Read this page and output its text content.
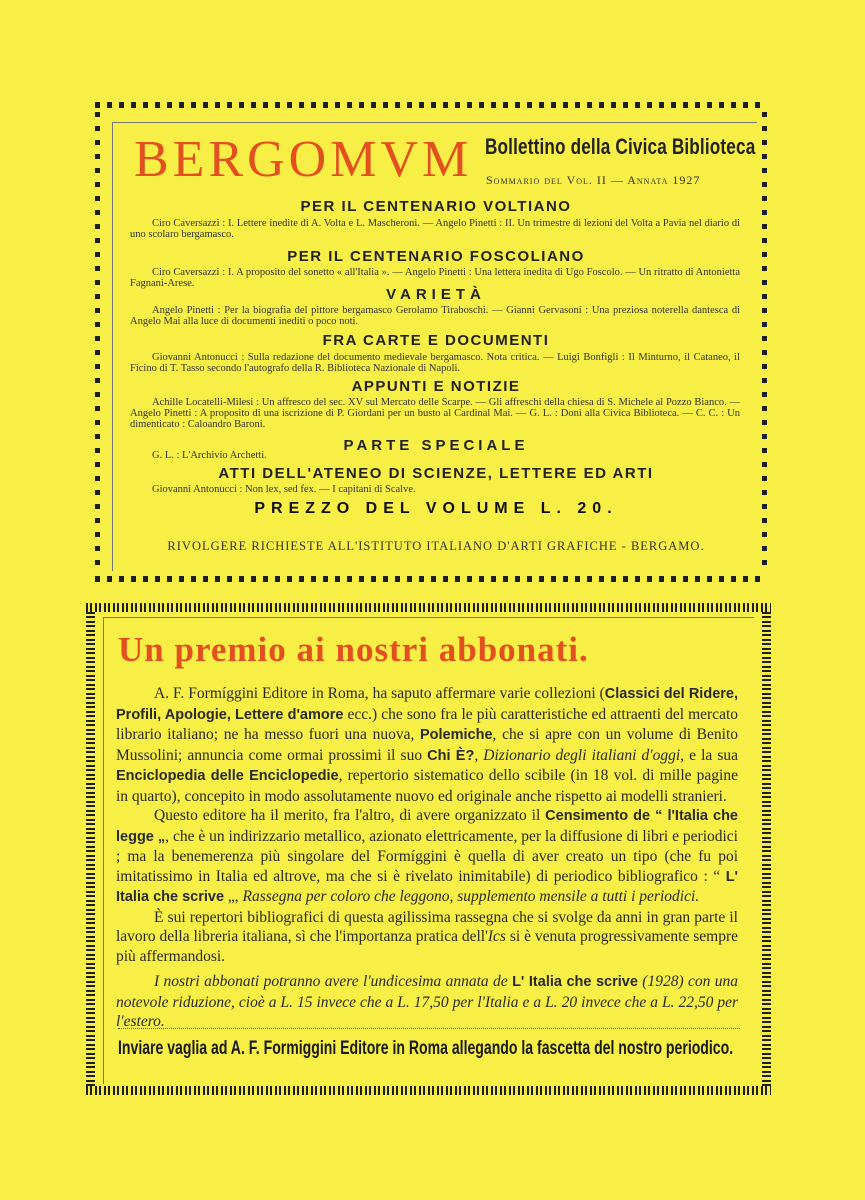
BERGOMVM Bollettino della Civica Biblioteca
Sommario del Vol. II — Annata 1927
PER IL CENTENARIO VOLTIANO
Ciro Caversazzi : I. Lettere inedite di A. Volta e L. Mascheroni. — Angelo Pinetti : II. Un trimestre di lezioni del Volta a Pavia nel diario di uno scolaro bergamasco.
PER IL CENTENARIO FOSCOLIANO
Ciro Caversazzi : I. A proposito del sonetto « all'Italia ». — Angelo Pinetti : Una lettera inedita di Ugo Foscolo. — Un ritratto di Antonietta Fagnani-Arese.
VARIETÀ
Angelo Pinetti : Per la biografia del pittore bergamasco Gerolamo Tiraboschi. — Gianni Gervasoni : Una preziosa noterella dantesca di Angelo Mai alla luce di documenti inediti o poco noti.
FRA CARTE E DOCUMENTI
Giovanni Antonucci : Sulla redazione del documento medievale bergamasco. Nota critica. — Luigi Bonfigli : Il Minturno, il Cataneo, il Ficino di T. Tasso secondo l'autografo della R. Biblioteca Nazionale di Napoli.
APPUNTI E NOTIZIE
Achille Locatelli-Milesi : Un affresco del sec. XV sul Mercato delle Scarpe. — Gli affreschi della chiesa di S. Michele al Pozzo Bianco. — Angelo Pinetti : A proposito di una iscrizione di P. Giordani per un busto al Cardinal Mai. — G. L. : Doni alla Civica Biblioteca. — C. C. : Un dimenticato : Caloandro Baroni.
PARTE SPECIALE
G. L. : L'Archivio Archetti.
ATTI DELL'ATENEO DI SCIENZE, LETTERE ED ARTI
Giovanni Antonucci : Non lex, sed fex. — I capitani di Scalve.
PREZZO DEL VOLUME L. 20.
RIVOLGERE RICHIESTE ALL'ISTITUTO ITALIANO D'ARTI GRAFICHE - BERGAMO.
Un premio ai nostri abbonati.

A. F. Formíggini Editore in Roma, ha saputo affermare varie collezioni (Classici del Ridere, Profili, Apologie, Lettere d'amore ecc.) che sono fra le più caratteristiche ed attraenti del mercato librario italiano; ne ha messo fuori una nuova, Polemiche, che si apre con un volume di Benito Mussolini; annuncia come ormai prossimi il suo Chi È?, Dizionario degli italiani d'oggi, e la sua Enciclopedia delle Enciclopedie, repertorio sistematico dello scibile (in 18 vol. di mille pagine in quarto), concepito in modo assolutamente nuovo ed originale anche rispetto ai modelli stranieri.

Questo editore ha il merito, fra l'altro, di avere organizzato il Censimento de “ l'Italia che legge „, che è un indirizzario metallico, azionato elettricamente, per la diffusione di libri e periodici ; ma la benemerenza più singolare del Formíggini è quella di aver creato un tipo (che fu poi imitatissimo in Italia ed altrove, ma che si è rivelato inimitabile) di periodico bibliografico : “ L' Italia che scrive „, Rassegna per coloro che leggono, supplemento mensile a tutti i periodici.

È sui repertori bibliografici di questa agilissima rassegna che si svolge da anni in gran parte il lavoro della libreria italiana, sì che l'importanza pratica dell'Ics si è venuta progressivamente sempre più affermandosi.

I nostri abbonati potranno avere l'undicesima annata de L' Italia che scrive (1928) con una notevole riduzione, cioè a L. 15 invece che a L. 17,50 per l'Italia e a L. 20 invece che a L. 22,50 per l'estero.

Inviare vaglia ad A. F. Formiggini Editore in Roma allegando la fascetta del nostro periodico.
